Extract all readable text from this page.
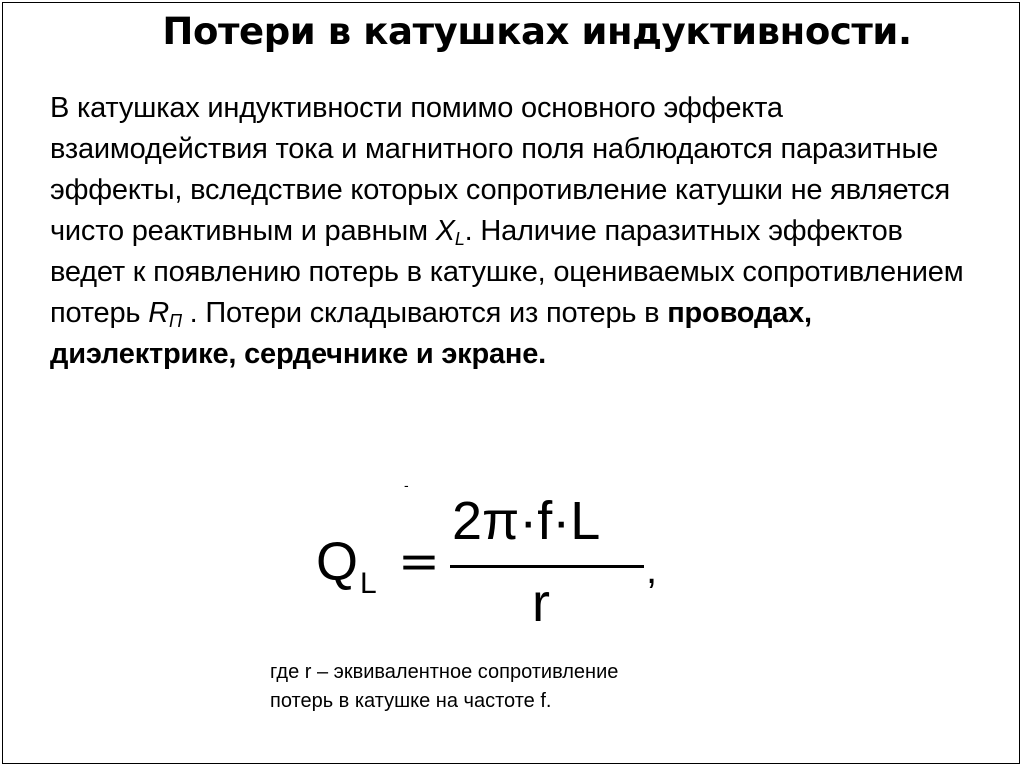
Потери в катушках индуктивности.
В катушках индуктивности помимо основного эффекта взаимодействия тока и магнитного поля наблюдаются паразитные эффекты, вследствие которых сопротивление катушки не является чисто реактивным и равным $X_L$. Наличие паразитных эффектов ведет к появлению потерь в катушке, оцениваемых сопротивлением потерь $R_П$ . Потери складываются из потерь в проводах, диэлектрике, сердечнике и экране.
-
Q L =
2π·f·L
r
,
где r – эквивалентное сопротивление
потерь в катушке на частоте f.
